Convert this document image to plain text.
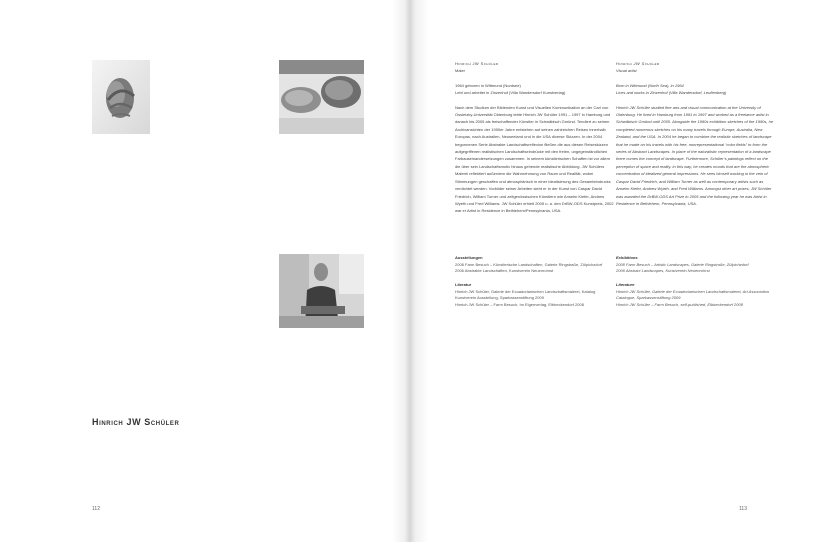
Hinrich JW Schüler
112	113
Hinrich JW Schüler
Maler
1964 geboren in Wittmund (Nordsee)
Lebt und arbeitet in Zinzenhof (Villa Wandersdorf Kunstverlag)

Nach dem Studium der Bildenden Kunst und Visuellen Kommunikation an der Carl von Ossietzky-Universität Oldenburg lebte Hinrich JW Schüler 1991 – 1997 in Hamburg und danach bis 2005 als freischaffender Künstler in Schwäbisch Gmünd. Tendiert zu seinen Archivansichten der 1990er Jahre entstehen auf seinen zahlreichen Reisen innerhalb Europas, nach Australien, Neuseeland und in die USA diverse Skizzen. In der 2004 begonnenen Serie Abstrakte Landschaftsreflexion fließen die aus diesen Reiseskizzen aufgegriffenen realistischen Landschaftseindrücke mit den freien, ungegenständlichen Farbauseinandersetzungen zusammen. In seinem künstlerischen Schaffen ist vor allem die über sein Landschaftsmotiv hinaus gehende realistische Abbildung. JW Schülers Malerei reflektiert außerdem die Wahrnehmung von Raum und Realität, wobei Stimmungen geschaffen und atmosphärisch in einer idealisierung des Gesamteindrucks verdichtet werden. Vorbilder seiner Arbeiten sieht er in der Kunst von Caspar David Friedrich, William Turner und zeitgenössischen Künstlern wie Anselm Kiefer, Andrew Wyeth und Fred Williams. JW Schüler erhielt 2005 u. a. den DrBW-ODS Kunstpreis, 2002 war er Artist in Residence in Bethlehem/Pennsylvania, USA.

Ausstellungen
2008 Farm Besuch – Künstlerische Landschaften, Galerie Ringstraße, Zülpichzdorf
2006 Abstrakte Landschaften, Kunstverein Neuenrohrst
Literatur
Hinrich JW Schüler, Galerie der Ecuadorianischen Landschaftsmalerei, Katalog Kunstverein Ausstellung, Sparkassenstiftung 2009
Hinrich JW Schüler – Farm Besuch, Im Eigenverlag, Elbbeckendorf 2008
Hinrich JW Schüler
Visual artist
Born in Wittmund (North Sea), in 1964
Lives and works in Zinzenhof (Villa Wandersdorf, Leuftenberg)

Hinrich JW Schüler studied fine arts and visual communication at the University of Oldenburg. He lived in Hamburg from 1991 to 1997 and worked as a freelance artist in Schwäbisch Gmünd until 2005. Alongside the 1990s exhibition sketches of the 1990s, he completed numerous sketches on his many travels through Europe, Australia, New Zealand, and the USA. In 2004 he began to combine the realistic sketches of landscape that he made on his travels with his free, nonrepresentational “color fields” to form the series of Abstract Landscapes. In place of the naturalistic representation of a landscape there comes the concept of landscape. Furthermore, Schüler’s paintings reflect on the perception of space and reality. In this way, he creates moods that are the atmospheric concentration of idealized general impressions. He sees himself working in the vein of Caspar David Friedrich, and William Turner as well as contemporary artists such as Anselm Kiefer, Andrew Wyeth, and Fred Williams. Amongst other art prizes, JW Schüler was awarded the DrBW-ODS Art Prize in 2005 and the following year he was Artist in Residence in Bethlehem, Pennsylvania, USA.

Exhibitions
2008 Farm Besuch – Artistic Landscapes, Galerie Ringstraße, Zülpichzdorf
2006 Abstract Landscapes, Kunstverein Neuenrohrst
Literature
Hinrich JW Schüler, Galerie der Ecuadorianischen Landschaftsmalerei, Art Association Catalogue, Sparkassenstiftung 2009
Hinrich JW Schüler – Farm Besuch, self-published, Elbbeckendorf 2008
